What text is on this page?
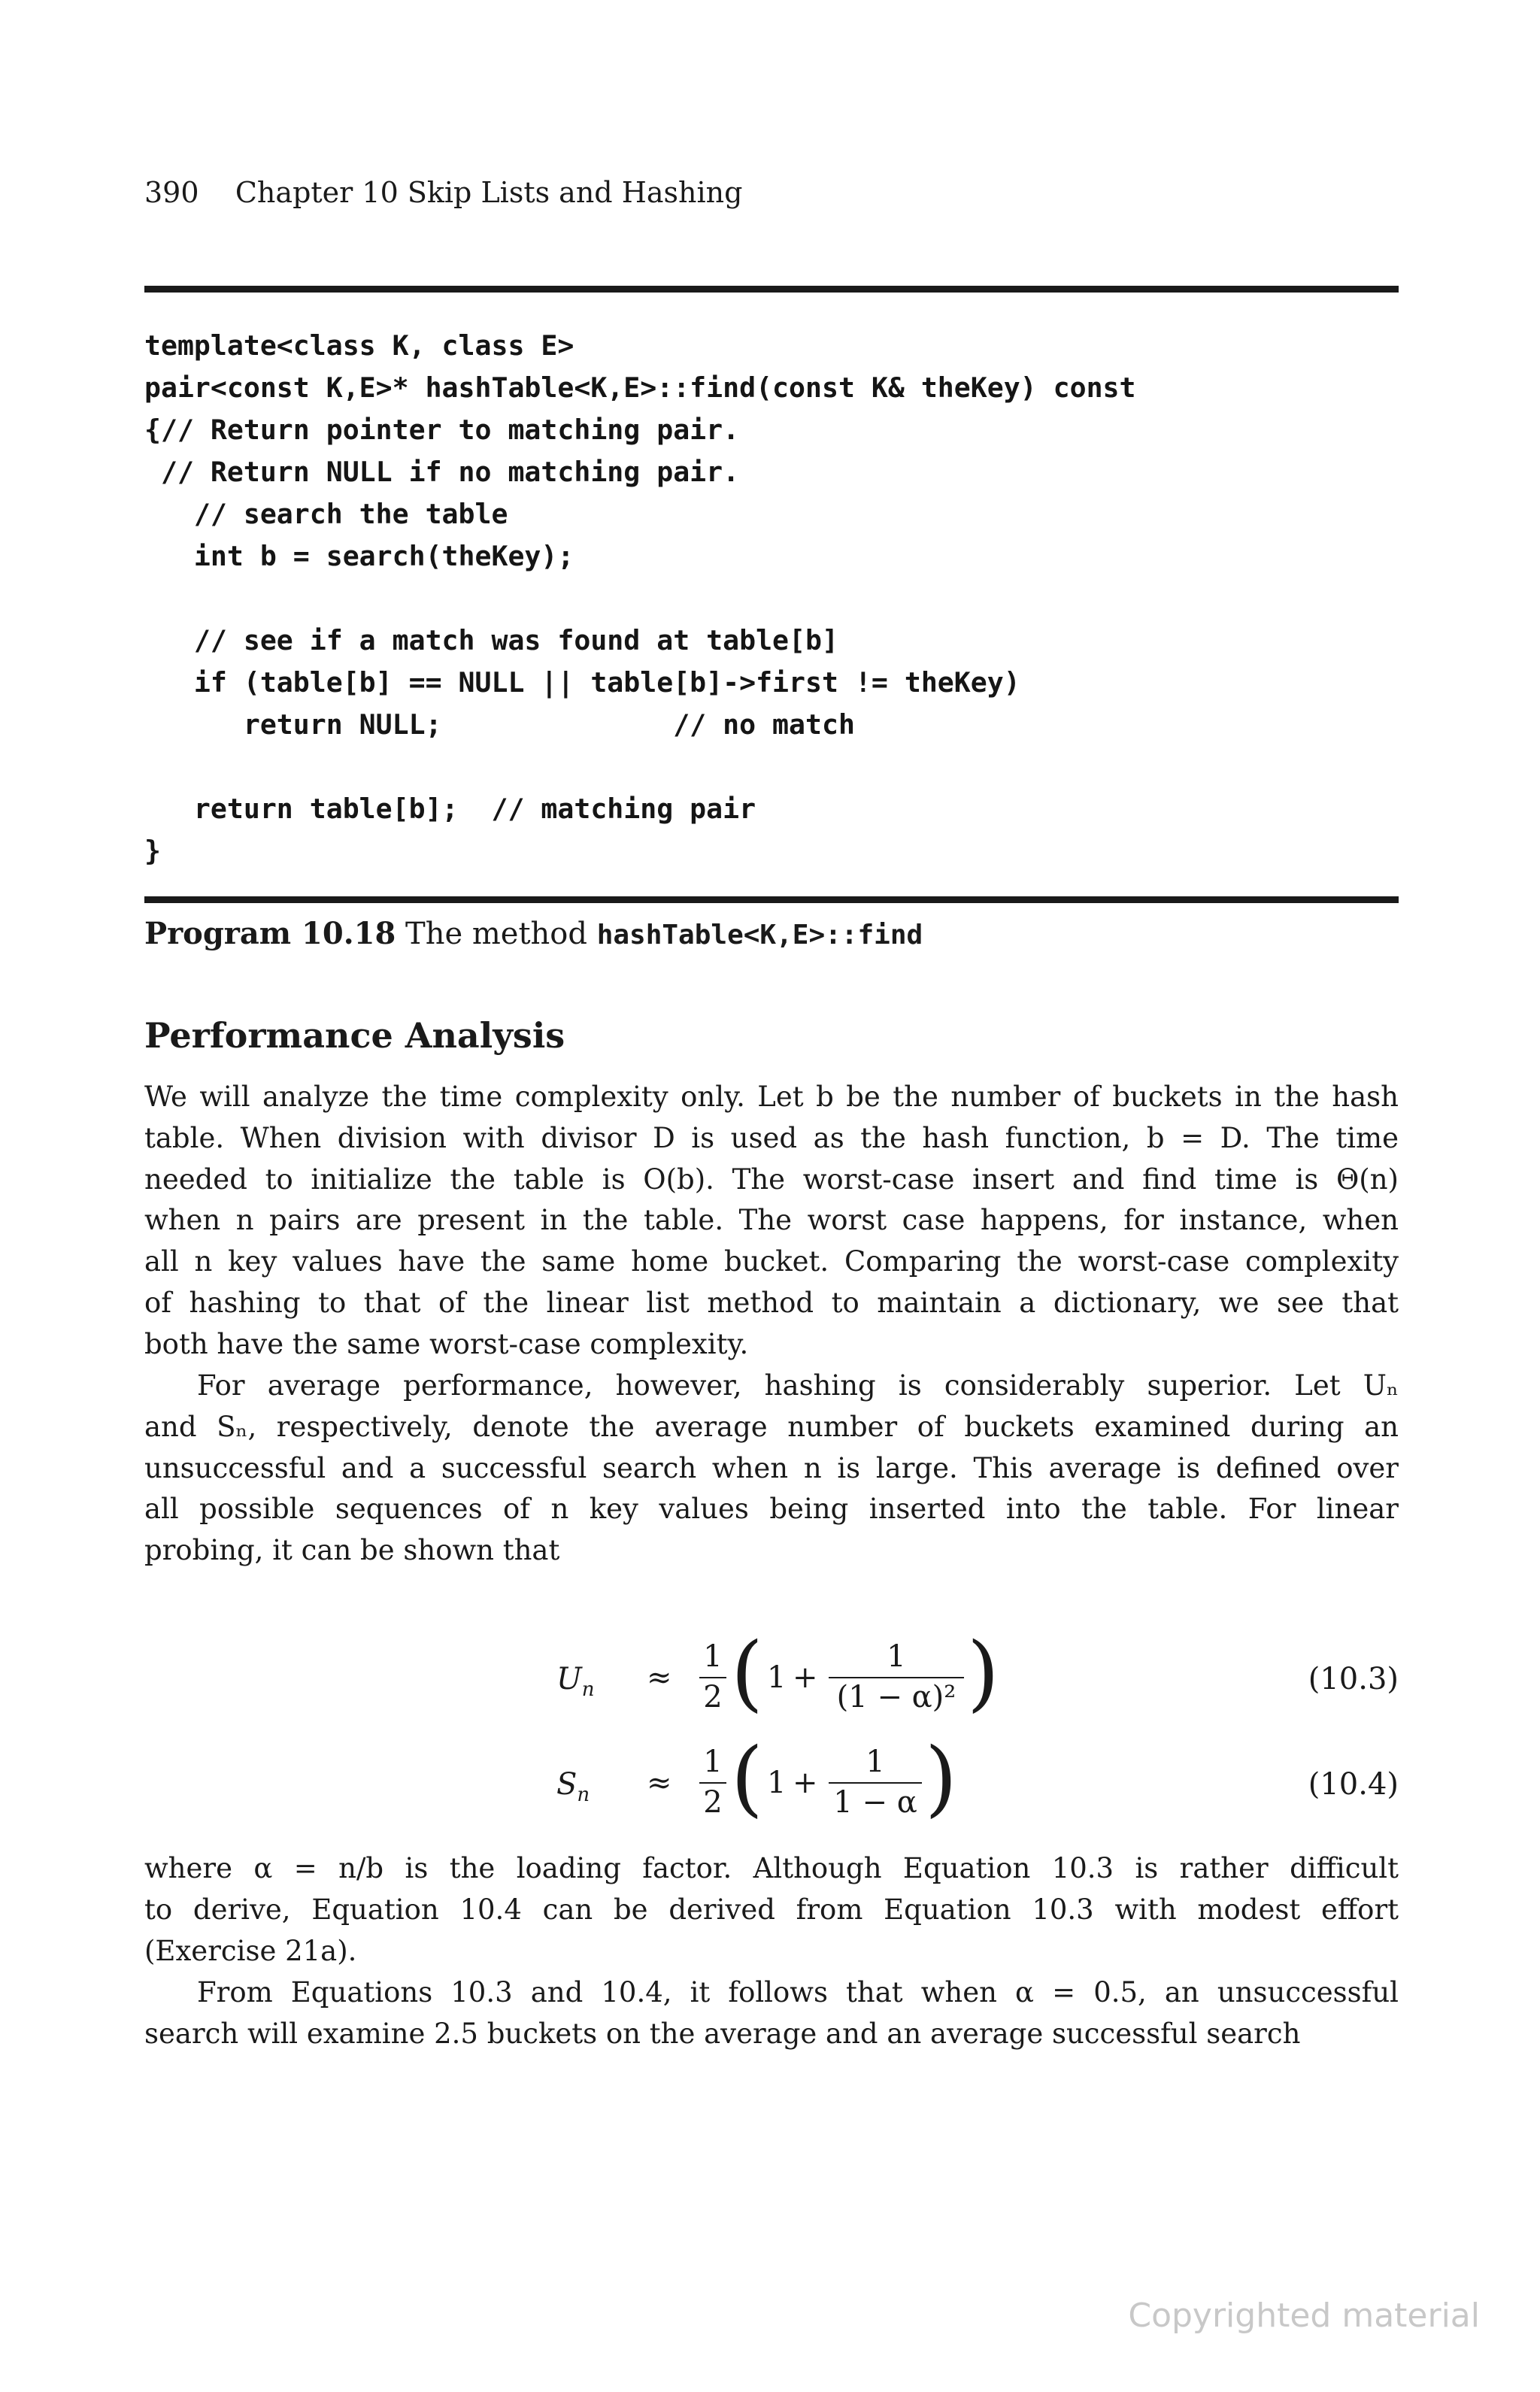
390 Chapter 10 Skip Lists and Hashing
template<class K, class E>
pair<const K,E>* hashTable<K,E>::find(const K& theKey) const
{// Return pointer to matching pair.
// Return NULL if no matching pair.
// search the table
int b = search(theKey);
// see if a match was found at table[b]
if (table[b] == NULL || table[b]->first != theKey)
return NULL;              // no match
return table[b];  // matching pair
}
Program 10.18 The method hashTable<K,E>::find
Performance Analysis
We will analyze the time complexity only. Let b be the number of buckets in the hash
table. When division with divisor D is used as the hash function, b = D. The time
needed to initialize the table is O(b). The worst-case insert and find time is Θ(n)
when n pairs are present in the table. The worst case happens, for instance, when
all n key values have the same home bucket. Comparing the worst-case complexity
of hashing to that of the linear list method to maintain a dictionary, we see that
both have the same worst-case complexity.
For average performance, however, hashing is considerably superior. Let Uₙ
and Sₙ, respectively, denote the average number of buckets examined during an
unsuccessful and a successful search when n is large. This average is defined over
all possible sequences of n key values being inserted into the table. For linear
probing, it can be shown that
$U_n \approx \frac{1}{2}$ ( $1 + \frac{1}{\text{(1 − α)²}}$ )	(10.3)
$S_n \approx \frac{1}{2}$ ( $1 + \frac{1}{1 - \alpha}$ )	(10.4)
where α = n/b is the loading factor. Although Equation 10.3 is rather difficult
to derive, Equation 10.4 can be derived from Equation 10.3 with modest effort
(Exercise 21a).
From Equations 10.3 and 10.4, it follows that when α = 0.5, an unsuccessful
search will examine 2.5 buckets on the average and an average successful search
Copyrighted material
